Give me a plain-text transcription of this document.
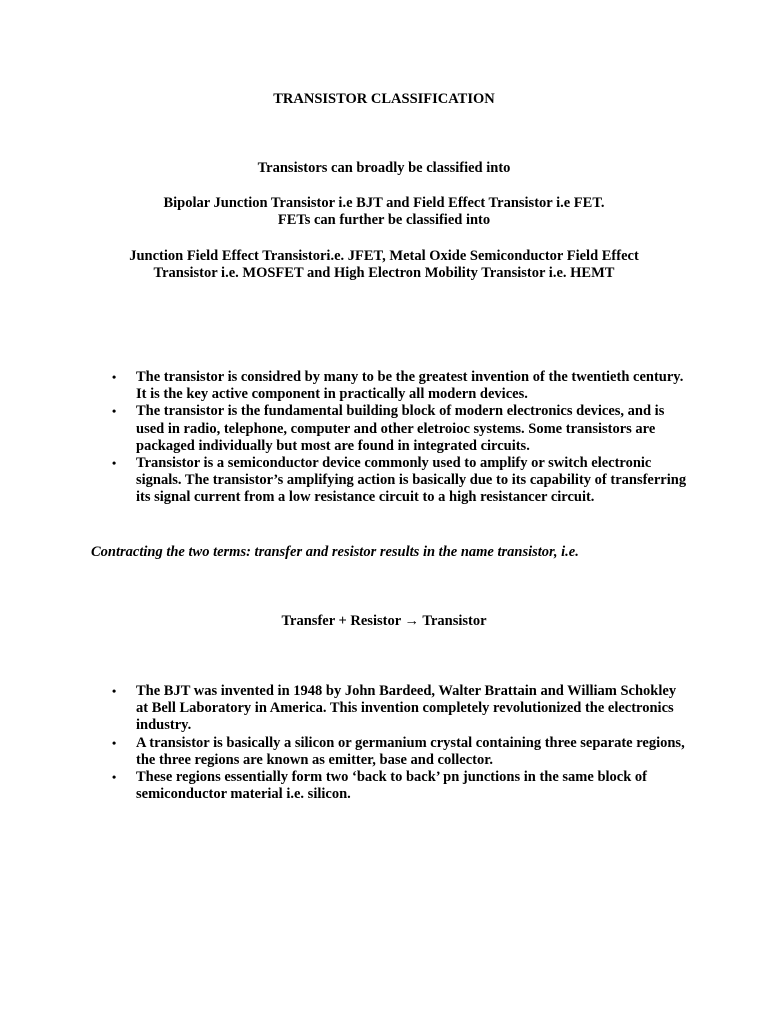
TRANSISTOR CLASSIFICATION

Transistors can broadly be classified into

Bipolar Junction Transistor i.e BJT and Field Effect Transistor i.e FET.

FETs can further be classified into

Junction Field Effect Transistori.e. JFET, Metal Oxide Semiconductor Field Effect

Transistor i.e. MOSFET and High Electron Mobility Transistor i.e. HEMT

• The transistor is considred by many to be the greatest invention of the twentieth century. It is the key active component in practically all modern devices.
• The transistor is the fundamental building block of modern electronics devices, and is used in radio, telephone, computer and other eletroioc systems. Some transistors are packaged individually but most are found in integrated circuits.
• Transistor is a semiconductor device commonly used to amplify or switch electronic signals. The transistor’s amplifying action is basically due to its capability of transferring its signal current from a low resistance circuit to a high resistancer circuit.

Contracting the two terms: transfer and resistor results in the name transistor, i.e.

Transfer + Resistor → Transistor

• The BJT was invented in 1948 by John Bardeed, Walter Brattain and William Schokley at Bell Laboratory in America. This invention completely revolutionized the electronics industry.
• A transistor is basically a silicon or germanium crystal containing three separate regions, the three regions are known as emitter, base and collector.
• These regions essentially form two ‘back to back’ pn junctions in the same block of semiconductor material i.e. silicon.
